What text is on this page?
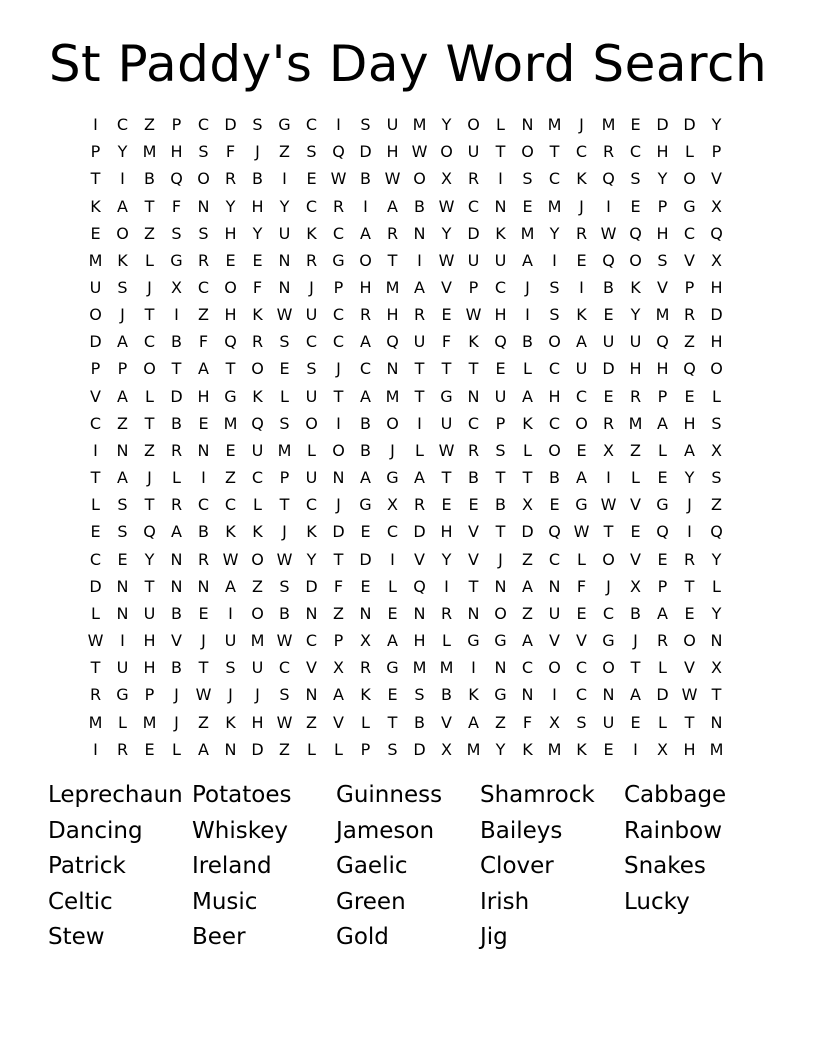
St Paddy's Day Word Search
I	C Z	P	C D S G C	I	S	U M Y O	L	N M	J	M E D D Y
P	Y M H S	F	J	Z	S Q D H W O U	T O T	C R C H	L	P
T	I	B Q O R B	I	E W B W O X R	I	S	C	K Q S	Y O V
K	A	T	F	N	Y	H	Y	C R	I	A	B W C N E M	J	I	E	P G X
E O Z	S	S H	Y	U K	C A R N	Y D K M Y	R W Q H C Q
M K	L	G R	E	E N R G O T	I	W U U A	I	E Q O S	V	X
U	S	J	X C O	F	N	J	P	H M A	V	P	C	J	S	I	B	K	V	P	H
O	J	T	I	Z H K W U C R H R	E W H	I	S	K	E	Y M R D
D A C B	F	Q R	S	C C A Q U	F	K Q B O A U U Q Z H
P	P O T	A	T O E	S	J	C N	T	T	T	E	L	C U D H H Q O
V	A	L	D H G K	L	U	T	A M T G N U A H C	E	R	P	E	L
C Z	T	B	E M Q S O	I	B O	I	U C	P	K	C O R M A H S
I	N Z R N E	U M L	O B	J	L W R	S	L	O E	X	Z	L	A	X
T	A	J	L	I	Z C	P	U N A G A	T	B	T	T	B	A	I	L	E	Y	S
L	S	T	R C C	L	T	C	J	G X R	E	E	B	X	E G W V G	J	Z
E	S Q A	B	K	K	J	K D E	C D H V	T D Q W T	E Q	I	Q
C	E	Y	N R W O W Y	T D	I	V	Y	V	J	Z C	L	O V	E	R	Y
D N	T	N N A	Z	S D	F	E	L	Q	I	T	N A N	F	J	X	P	T	L
L	N U B	E	I	O B N Z N E N R N O Z U	E	C B	A	E	Y
W	I	H V	J	U M W C	P	X	A H	L	G G A	V	V G	J	R O N
T	U H B	T	S	U C V	X R G M M	I	N C O C O T	L	V	X
R G P	J	W	J	J	S N A	K	E	S	B	K G N	I	C N A D W T
M L M	J	Z	K H W Z	V	L	T	B	V	A	Z	F	X	S	U	E	L	T	N
I	R	E	L	A N D Z	L	L	P	S D X M Y	K M K	E	I	X H M
Leprechaun Potatoes	Guinness	Shamrock	Cabbage
Dancing	Whiskey	Jameson	Baileys	Rainbow
Patrick	Ireland	Gaelic	Clover	Snakes
Celtic	Music	Green	Irish	Lucky
Stew	Beer	Gold	Jig
